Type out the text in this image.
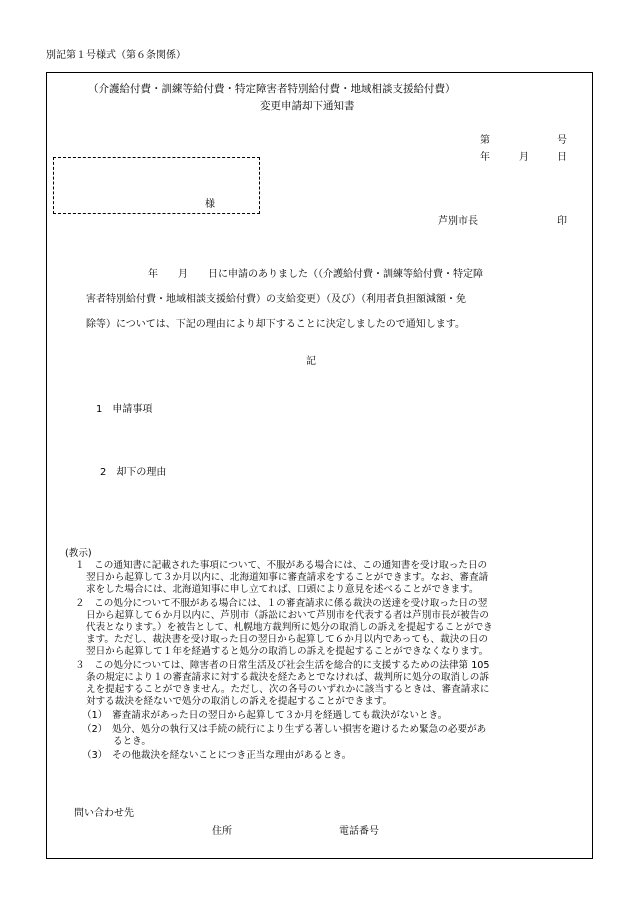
別記第１号様式（第６条関係）
（介護給付費・訓練等給付費・特定障害者特別給付費・地域相談支援給付費）
変更申請却下通知書
第	号
年	月	日
様
芦別市長	印
年　　月　　日に申請のありました（（介護給付費・訓練等給付費・特定障
害者特別給付費・地域相談支援給付費）の支給変更）（及び）（利用者負担額減額・免
除等）については、下記の理由により却下することに決定しましたので通知します。
記
1　申請事項
2　却下の理由
(教示)
１　この通知書に記載された事項について、不服がある場合には、この通知書を受け取った日の
翌日から起算して３か月以内に、北海道知事に審査請求をすることができます。なお、審査請
求をした場合には、北海道知事に申し立てれば、口頭により意見を述べることができます。
２　この処分について不服がある場合には、１の審査請求に係る裁決の送達を受け取った日の翌
日から起算して６か月以内に、芦別市（訴訟において芦別市を代表する者は芦別市長が被告の
代表となります。）を被告として、札幌地方裁判所に処分の取消しの訴えを提起することができ
ます。ただし、裁決書を受け取った日の翌日から起算して６か月以内であっても、裁決の日の
翌日から起算して１年を経過すると処分の取消しの訴えを提起することができなくなります。
３　この処分については、障害者の日常生活及び社会生活を総合的に支援するための法律第 105
条の規定により１の審査請求に対する裁決を経たあとでなければ、裁判所に処分の取消しの訴
えを提起することができません。ただし、次の各号のいずれかに該当するときは、審査請求に
対する裁決を経ないで処分の取消しの訴えを提起することができます。
（1）　審査請求があった日の翌日から起算して３か月を経過しても裁決がないとき。
（2）　処分、処分の執行又は手続の続行により生ずる著しい損害を避けるため緊急の必要があ
るとき。
（3）　その他裁決を経ないことにつき正当な理由があるとき。
問い合わせ先
住所	電話番号
